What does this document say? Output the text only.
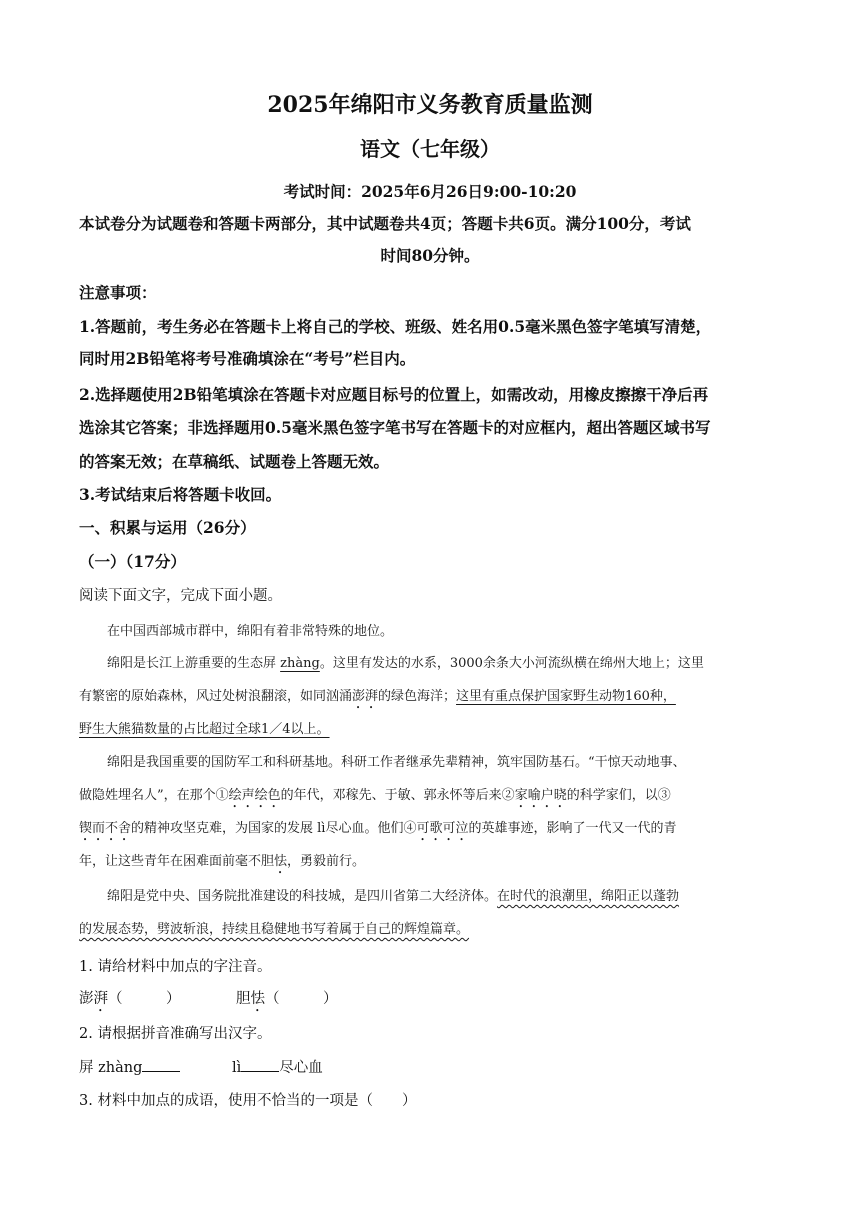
2025年绵阳市义务教育质量监测
语文（七年级）
考试时间：2025年6月26日9:00-10:20
本试卷分为试题卷和答题卡两部分，其中试题卷共4页；答题卡共6页。满分100分，考试
时间80分钟。
注意事项：
1.答题前，考生务必在答题卡上将自己的学校、班级、姓名用0.5毫米黑色签字笔填写清楚，
同时用2B铅笔将考号准确填涂在“考号”栏目内。
2.选择题使用2B铅笔填涂在答题卡对应题目标号的位置上，如需改动，用橡皮擦擦干净后再
选涂其它答案；非选择题用0.5毫米黑色签字笔书写在答题卡的对应框内，超出答题区域书写
的答案无效；在草稿纸、试题卷上答题无效。
3.考试结束后将答题卡收回。
一、积累与运用（26分）
（一）（17分）
阅读下面文字，完成下面小题。
在中国西部城市群中，绵阳有着非常特殊的地位。
绵阳是长江上游重要的生态屏 zhàng。这里有发达的水系，3000余条大小河流纵横在绵州大地上；这里
有繁密的原始森林，风过处树浪翻滚，如同汹涌澎湃的绿色海洋；这里有重点保护国家野生动物160种，
野生大熊猫数量的占比超过全球1／4以上。
绵阳是我国重要的国防军工和科研基地。科研工作者继承先辈精神，筑牢国防基石。“干惊天动地事、
做隐姓埋名人”，在那个①绘声绘色的年代，邓稼先、于敏、郭永怀等后来②家喻户晓的科学家们，以③
锲而不舍的精神攻坚克难，为国家的发展 lì尽心血。他们④可歌可泣的英雄事迹，影响了一代又一代的青
年，让这些青年在困难面前毫不胆怯，勇毅前行。
绵阳是党中央、国务院批准建设的科技城，是四川省第二大经济体。在时代的浪潮里，绵阳正以蓬勃
的发展态势，劈波斩浪，持续且稳健地书写着属于自己的辉煌篇章。
1. 请给材料中加点的字注音。
澎湃（　　　）	胆怯（　　　）
2. 请根据拼音准确写出汉字。
屏 zhàng	lì	尽心血
3. 材料中加点的成语，使用不恰当的一项是（　　）
